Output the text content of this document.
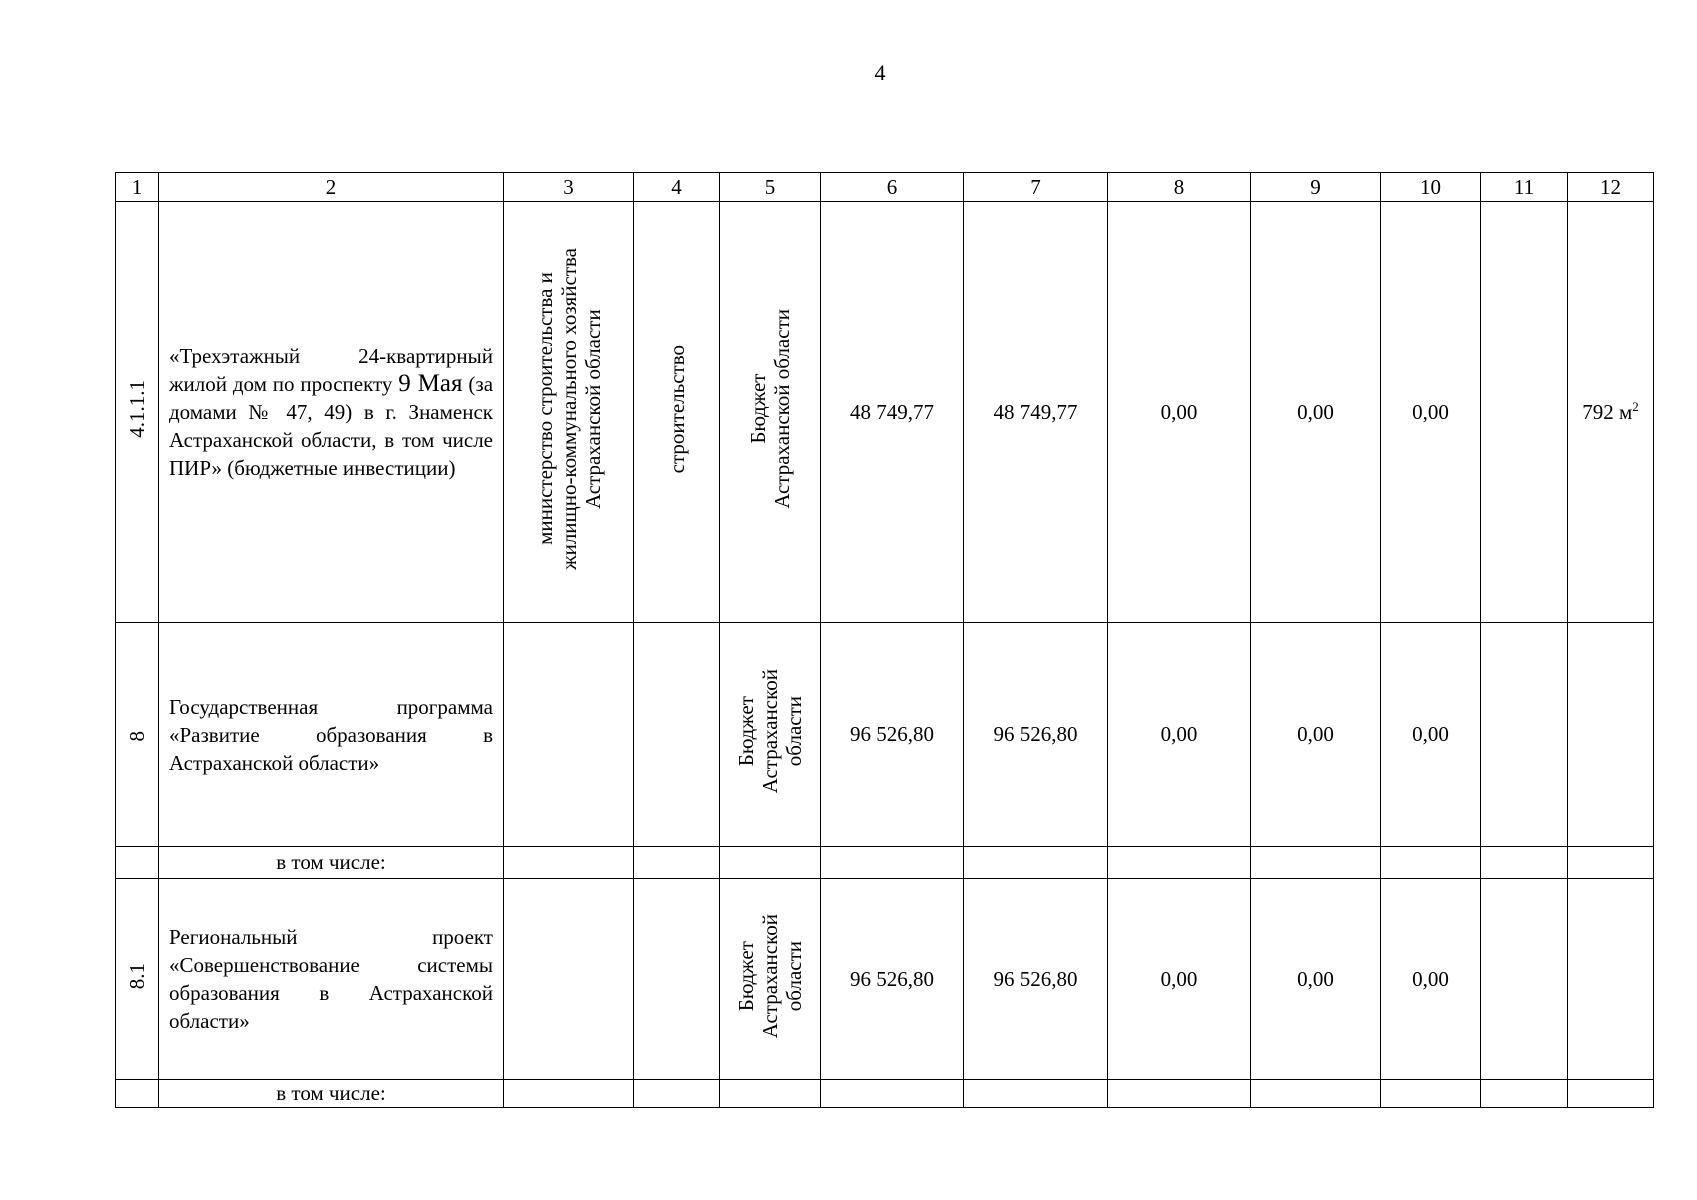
4
1	2	3	4	5	6	7	8	9	10	11	12
4.1.1.1	«Трехэтажный 24-квартирный жилой дом по проспекту 9 Мая (за домами № 47, 49) в г. Знаменск Астраханской области, в том числе ПИР» (бюджетные инвестиции)	министерство строительства и
жилищно-коммунального хозяйства
Астраханской области	строительство	Бюджет
Астраханской области	48 749,77	48 749,77	0,00	0,00	0,00		792 $м^2$
8	Государственная программа «Развитие образования в Астраханской области»			Бюджет
Астраханской
области	96 526,80	96 526,80	0,00	0,00	0,00		
	в том числе:										
8.1	Региональный проект «Совершенствование системы образования в Астраханской области»			Бюджет
Астраханской
области	96 526,80	96 526,80	0,00	0,00	0,00		
	в том числе:										
